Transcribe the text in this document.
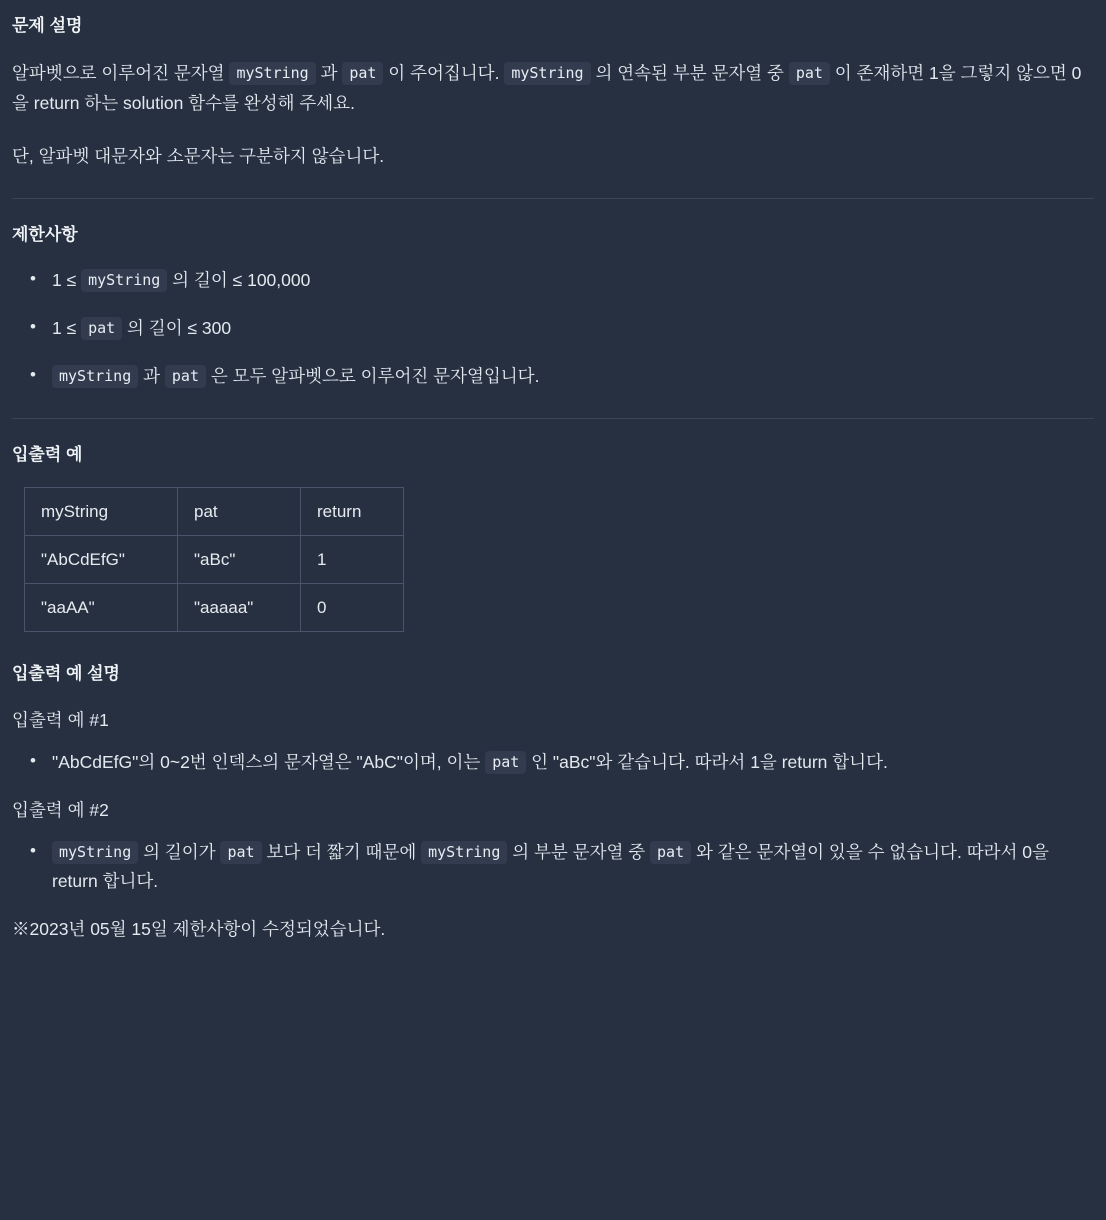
문제 설명

알파벳으로 이루어진 문자열 myString 과 pat 이 주어집니다. myString 의 연속된 부분 문자열 중 pat 이 존재하면 1을 그렇지 않으면 0을 return 하는 solution 함수를 완성해 주세요.

단, 알파벳 대문자와 소문자는 구분하지 않습니다.

제한사항
• 1 ≤ myString 의 길이 ≤ 100,000
• 1 ≤ pat 의 길이 ≤ 300
• myString 과 pat 은 모두 알파벳으로 이루어진 문자열입니다.
입출력 예
myString	pat	return
"AbCdEfG"	"aBc"	1
"aaAA"	"aaaaa"	0
입출력 예 설명

입출력 예 #1

• "AbCdEfG"의 0~2번 인덱스의 문자열은 "AbC"이며, 이는 pat 인 "aBc"와 같습니다. 따라서 1을 return 합니다.

입출력 예 #2

• myString 의 길이가 pat 보다 더 짧기 때문에 myString 의 부분 문자열 중 pat 와 같은 문자열이 있을 수 없습니다. 따라서 0을 return 합니다.

※2023년 05월 15일 제한사항이 수정되었습니다.
